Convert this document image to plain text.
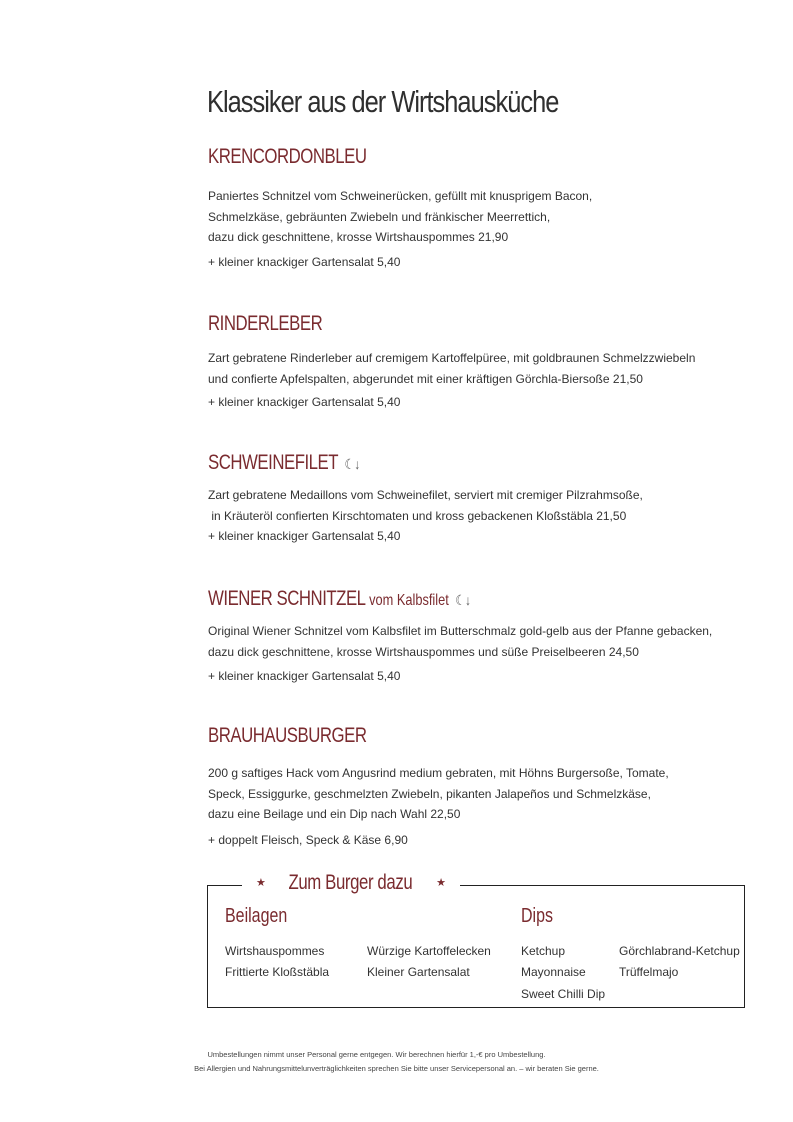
Klassiker aus der Wirtshausküche
KRENCORDONBLEU
Paniertes Schnitzel vom Schweinerücken, gefüllt mit knusprigem Bacon,
Schmelzkäse, gebräunten Zwiebeln und fränkischer Meerrettich,
dazu dick geschnittene, krosse Wirtshauspommes 21,90
+ kleiner knackiger Gartensalat 5,40
RINDERLEBER
Zart gebratene Rinderleber auf cremigem Kartoffelpüree, mit goldbraunen Schmelzzwiebeln
und confierte Apfelspalten, abgerundet mit einer kräftigen Görchla-Biersoße 21,50
+ kleiner knackiger Gartensalat 5,40
SCHWEINEFILET ☾↓
Zart gebratene Medaillons vom Schweinefilet, serviert mit cremiger Pilzrahmsoße,
in Kräuteröl confierten Kirschtomaten und kross gebackenen Kloßstäbla 21,50
+ kleiner knackiger Gartensalat 5,40
WIENER SCHNITZEL vom Kalbsfilet ☾↓
Original Wiener Schnitzel vom Kalbsfilet im Butterschmalz gold-gelb aus der Pfanne gebacken,
dazu dick geschnittene, krosse Wirtshauspommes und süße Preiselbeeren 24,50
+ kleiner knackiger Gartensalat 5,40
BRAUHAUSBURGER
200 g saftiges Hack vom Angusrind medium gebraten, mit Höhns Burgersoße, Tomate,
Speck, Essiggurke, geschmelzten Zwiebeln, pikanten Jalapeños und Schmelzkäse,
dazu eine Beilage und ein Dip nach Wahl 22,50
+ doppelt Fleisch, Speck & Käse 6,90
★ Zum Burger dazu ★
Beilagen	Dips
Wirtshauspommes
Frittierte Kloßstäbla
Würzige Kartoffelecken
Kleiner Gartensalat
Ketchup
Mayonnaise
Sweet Chilli Dip
Görchlabrand-Ketchup
Trüffelmajo
Umbestellungen nimmt unser Personal gerne entgegen. Wir berechnen hierfür 1,-€ pro Umbestellung.
Bei Allergien und Nahrungsmittelunverträglichkeiten sprechen Sie bitte unser Servicepersonal an. – wir beraten Sie gerne.
